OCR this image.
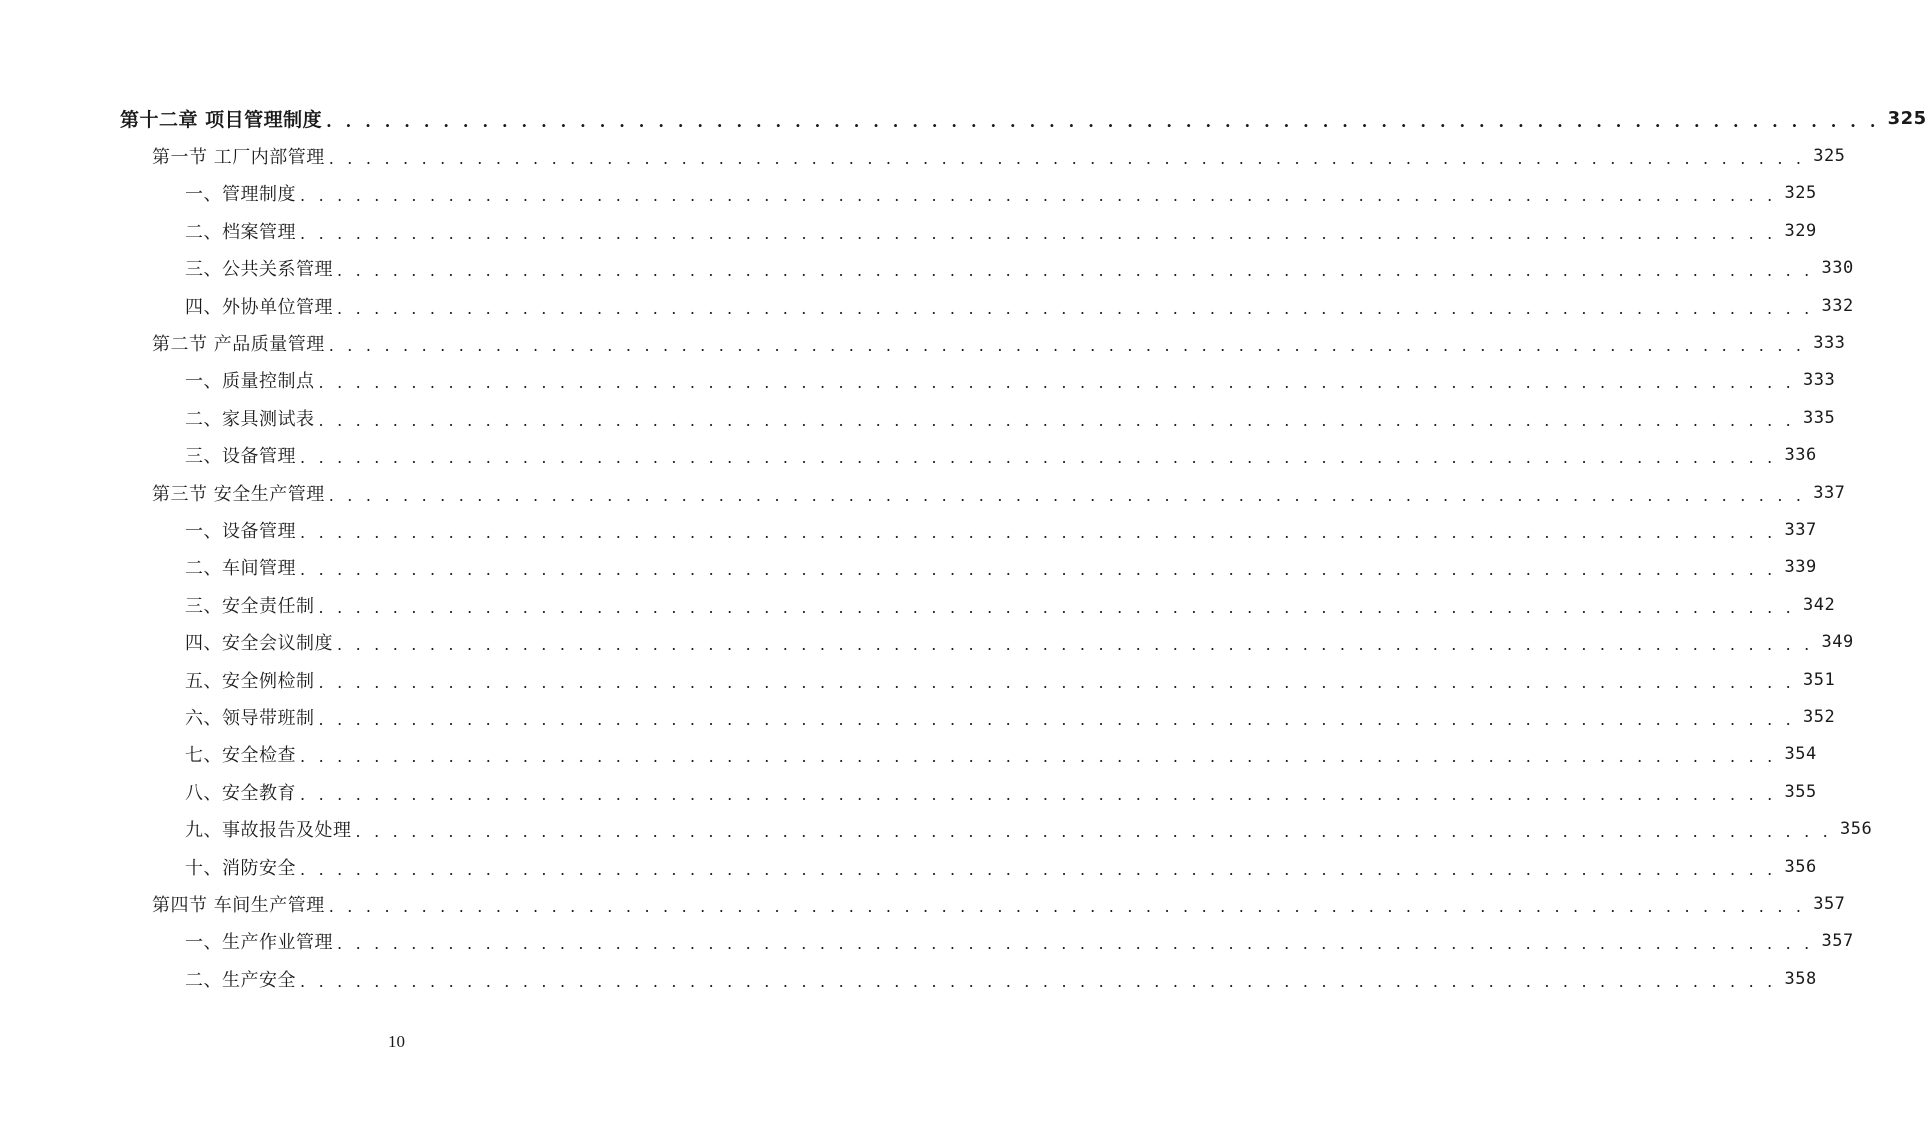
第十二章 项目管理制度 . . . . . . . . . . . . . . . . . . . . . . . . . . . . . . . . . . . . . . . . . . . . . . . . . . . . . . . . . . . . . . . . . . . . . . . . . . . . . . . . 325
第一节 工厂内部管理 . . . . . . . . . . . . . . . . . . . . . . . . . . . . . . . . . . . . . . . . . . . . . . . . . . . . . . . . . . . . . . . . . . . . . . . . . . . . . . . . 325
一、管理制度 . . . . . . . . . . . . . . . . . . . . . . . . . . . . . . . . . . . . . . . . . . . . . . . . . . . . . . . . . . . . . . . . . . . . . . . . . . . . . . . . 325
二、档案管理 . . . . . . . . . . . . . . . . . . . . . . . . . . . . . . . . . . . . . . . . . . . . . . . . . . . . . . . . . . . . . . . . . . . . . . . . . . . . . . . . 329
三、公共关系管理 . . . . . . . . . . . . . . . . . . . . . . . . . . . . . . . . . . . . . . . . . . . . . . . . . . . . . . . . . . . . . . . . . . . . . . . . . . . . . . . . 330
四、外协单位管理 . . . . . . . . . . . . . . . . . . . . . . . . . . . . . . . . . . . . . . . . . . . . . . . . . . . . . . . . . . . . . . . . . . . . . . . . . . . . . . . . 332
第二节 产品质量管理 . . . . . . . . . . . . . . . . . . . . . . . . . . . . . . . . . . . . . . . . . . . . . . . . . . . . . . . . . . . . . . . . . . . . . . . . . . . . . . . . 333
一、质量控制点 . . . . . . . . . . . . . . . . . . . . . . . . . . . . . . . . . . . . . . . . . . . . . . . . . . . . . . . . . . . . . . . . . . . . . . . . . . . . . . . . 333
二、家具测试表 . . . . . . . . . . . . . . . . . . . . . . . . . . . . . . . . . . . . . . . . . . . . . . . . . . . . . . . . . . . . . . . . . . . . . . . . . . . . . . . . 335
三、设备管理 . . . . . . . . . . . . . . . . . . . . . . . . . . . . . . . . . . . . . . . . . . . . . . . . . . . . . . . . . . . . . . . . . . . . . . . . . . . . . . . . 336
第三节 安全生产管理 . . . . . . . . . . . . . . . . . . . . . . . . . . . . . . . . . . . . . . . . . . . . . . . . . . . . . . . . . . . . . . . . . . . . . . . . . . . . . . . . 337
一、设备管理 . . . . . . . . . . . . . . . . . . . . . . . . . . . . . . . . . . . . . . . . . . . . . . . . . . . . . . . . . . . . . . . . . . . . . . . . . . . . . . . . 337
二、车间管理 . . . . . . . . . . . . . . . . . . . . . . . . . . . . . . . . . . . . . . . . . . . . . . . . . . . . . . . . . . . . . . . . . . . . . . . . . . . . . . . . 339
三、安全责任制 . . . . . . . . . . . . . . . . . . . . . . . . . . . . . . . . . . . . . . . . . . . . . . . . . . . . . . . . . . . . . . . . . . . . . . . . . . . . . . . . 342
四、安全会议制度 . . . . . . . . . . . . . . . . . . . . . . . . . . . . . . . . . . . . . . . . . . . . . . . . . . . . . . . . . . . . . . . . . . . . . . . . . . . . . . . . 349
五、安全例检制 . . . . . . . . . . . . . . . . . . . . . . . . . . . . . . . . . . . . . . . . . . . . . . . . . . . . . . . . . . . . . . . . . . . . . . . . . . . . . . . . 351
六、领导带班制 . . . . . . . . . . . . . . . . . . . . . . . . . . . . . . . . . . . . . . . . . . . . . . . . . . . . . . . . . . . . . . . . . . . . . . . . . . . . . . . . 352
七、安全检查 . . . . . . . . . . . . . . . . . . . . . . . . . . . . . . . . . . . . . . . . . . . . . . . . . . . . . . . . . . . . . . . . . . . . . . . . . . . . . . . . 354
八、安全教育 . . . . . . . . . . . . . . . . . . . . . . . . . . . . . . . . . . . . . . . . . . . . . . . . . . . . . . . . . . . . . . . . . . . . . . . . . . . . . . . . 355
九、事故报告及处理 . . . . . . . . . . . . . . . . . . . . . . . . . . . . . . . . . . . . . . . . . . . . . . . . . . . . . . . . . . . . . . . . . . . . . . . . . . . . . . . . 356
十、消防安全 . . . . . . . . . . . . . . . . . . . . . . . . . . . . . . . . . . . . . . . . . . . . . . . . . . . . . . . . . . . . . . . . . . . . . . . . . . . . . . . . 356
第四节 车间生产管理 . . . . . . . . . . . . . . . . . . . . . . . . . . . . . . . . . . . . . . . . . . . . . . . . . . . . . . . . . . . . . . . . . . . . . . . . . . . . . . . . 357
一、生产作业管理 . . . . . . . . . . . . . . . . . . . . . . . . . . . . . . . . . . . . . . . . . . . . . . . . . . . . . . . . . . . . . . . . . . . . . . . . . . . . . . . . 357
二、生产安全 . . . . . . . . . . . . . . . . . . . . . . . . . . . . . . . . . . . . . . . . . . . . . . . . . . . . . . . . . . . . . . . . . . . . . . . . . . . . . . . . 358
10
